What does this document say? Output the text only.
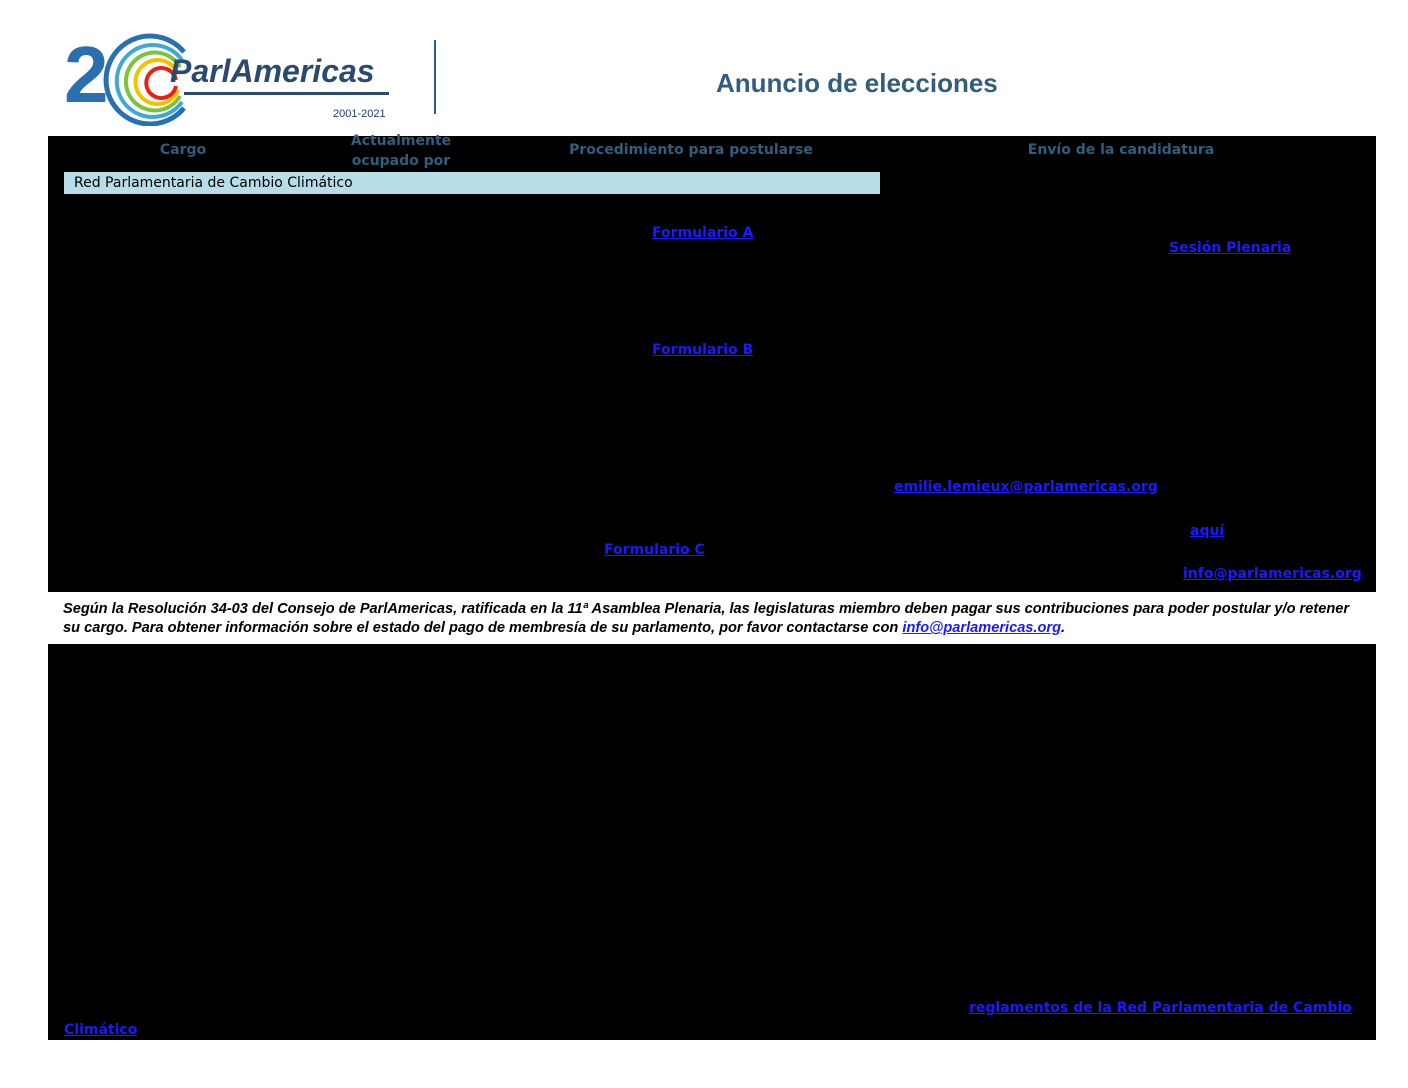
2 ParlAmericas
2001-2021
Anuncio de elecciones
Cargo
Actualmente ocupado por
Procedimiento para postularse	Envío de la candidatura
Red Parlamentaria de Cambio Climático
Formulario A
Sesión Plenaria
Formulario B
emilie.lemieux@parlamericas.org
aquí
Formulario C
info@parlamericas.org

Según la Resolución 34-03 del Consejo de ParlAmericas, ratificada en la 11ª Asamblea Plenaria, las legislaturas miembro deben pagar sus contribuciones para poder postular y/o retener su cargo. Para obtener información sobre el estado del pago de membresía de su parlamento, por favor contactarse con info@parlamericas.org.

reglamentos de la Red Parlamentaria de Cambio
Climático
